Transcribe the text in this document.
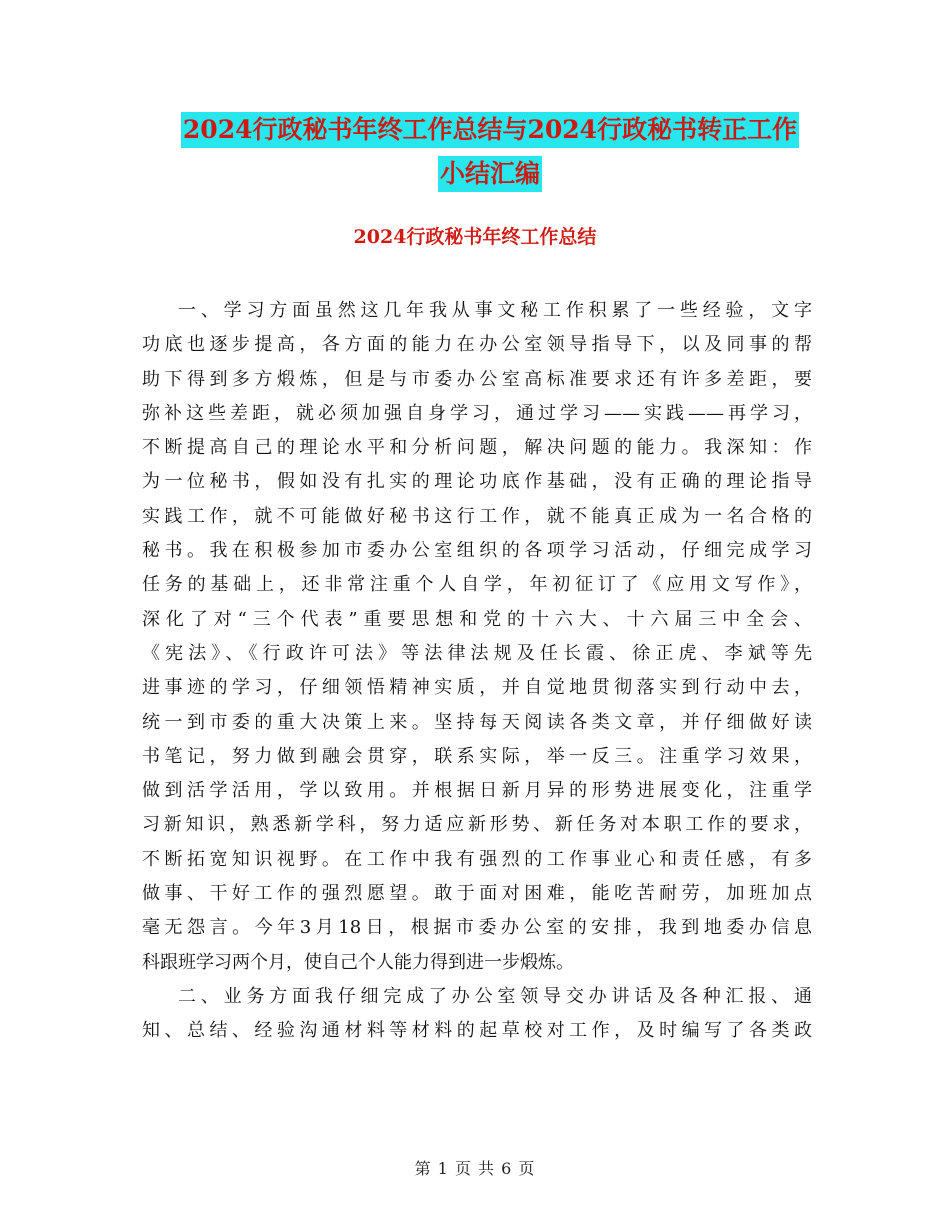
2024行政秘书年终工作总结与2024行政秘书转正工作
小结汇编
2024行政秘书年终工作总结
一、学习方面虽然这几年我从事文秘工作积累了一些经验，文字
功底也逐步提高，各方面的能力在办公室领导指导下，以及同事的帮
助下得到多方煅炼，但是与市委办公室高标准要求还有许多差距，要
弥补这些差距，就必须加强自身学习，通过学习——实践——再学习，
不断提高自己的理论水平和分析问题，解决问题的能力。我深知：作
为一位秘书，假如没有扎实的理论功底作基础，没有正确的理论指导
实践工作，就不可能做好秘书这行工作，就不能真正成为一名合格的
秘书。我在积极参加市委办公室组织的各项学习活动，仔细完成学习
任务的基础上，还非常注重个人自学，年初征订了《应用文写作》，
深化了对“三个代表”重要思想和党的十六大、十六届三中全会、
《宪法》、《行政许可法》等法律法规及任长霞、徐正虎、李斌等先
进事迹的学习，仔细领悟精神实质，并自觉地贯彻落实到行动中去，
统一到市委的重大决策上来。坚持每天阅读各类文章，并仔细做好读
书笔记，努力做到融会贯穿，联系实际，举一反三。注重学习效果，
做到活学活用，学以致用。并根据日新月异的形势进展变化，注重学
习新知识，熟悉新学科，努力适应新形势、新任务对本职工作的要求，
不断拓宽知识视野。在工作中我有强烈的工作事业心和责任感，有多
做事、干好工作的强烈愿望。敢于面对困难，能吃苦耐劳，加班加点
毫无怨言。今年3月18日，根据市委办公室的安排，我到地委办信息
科跟班学习两个月，使自己个人能力得到进一步煅炼。
二、业务方面我仔细完成了办公室领导交办讲话及各种汇报、通
知、总结、经验沟通材料等材料的起草校对工作，及时编写了各类政
第 1 页 共 6 页
